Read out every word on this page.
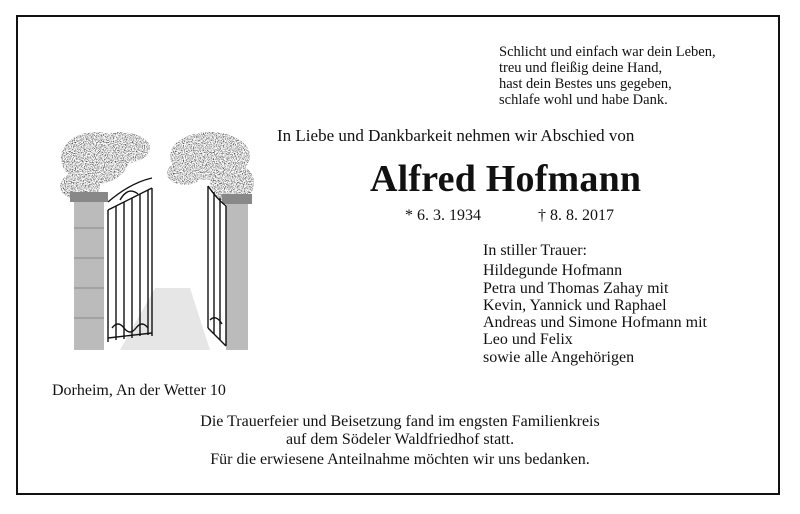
Schlicht und einfach war dein Leben,
treu und fleißig deine Hand,
hast dein Bestes uns gegeben,
schlafe wohl und habe Dank.
In Liebe und Dankbarkeit nehmen wir Abschied von
Alfred Hofmann
* 6. 3. 1934	† 8. 8. 2017
In stiller Trauer:
Hildegunde Hofmann
Petra und Thomas Zahay mit
Kevin, Yannick und Raphael
Andreas und Simone Hofmann mit
Leo und Felix
sowie alle Angehörigen
Dorheim, An der Wetter 10
Die Trauerfeier und Beisetzung fand im engsten Familienkreis
auf dem Södeler Waldfriedhof statt.
Für die erwiesene Anteilnahme möchten wir uns bedanken.
